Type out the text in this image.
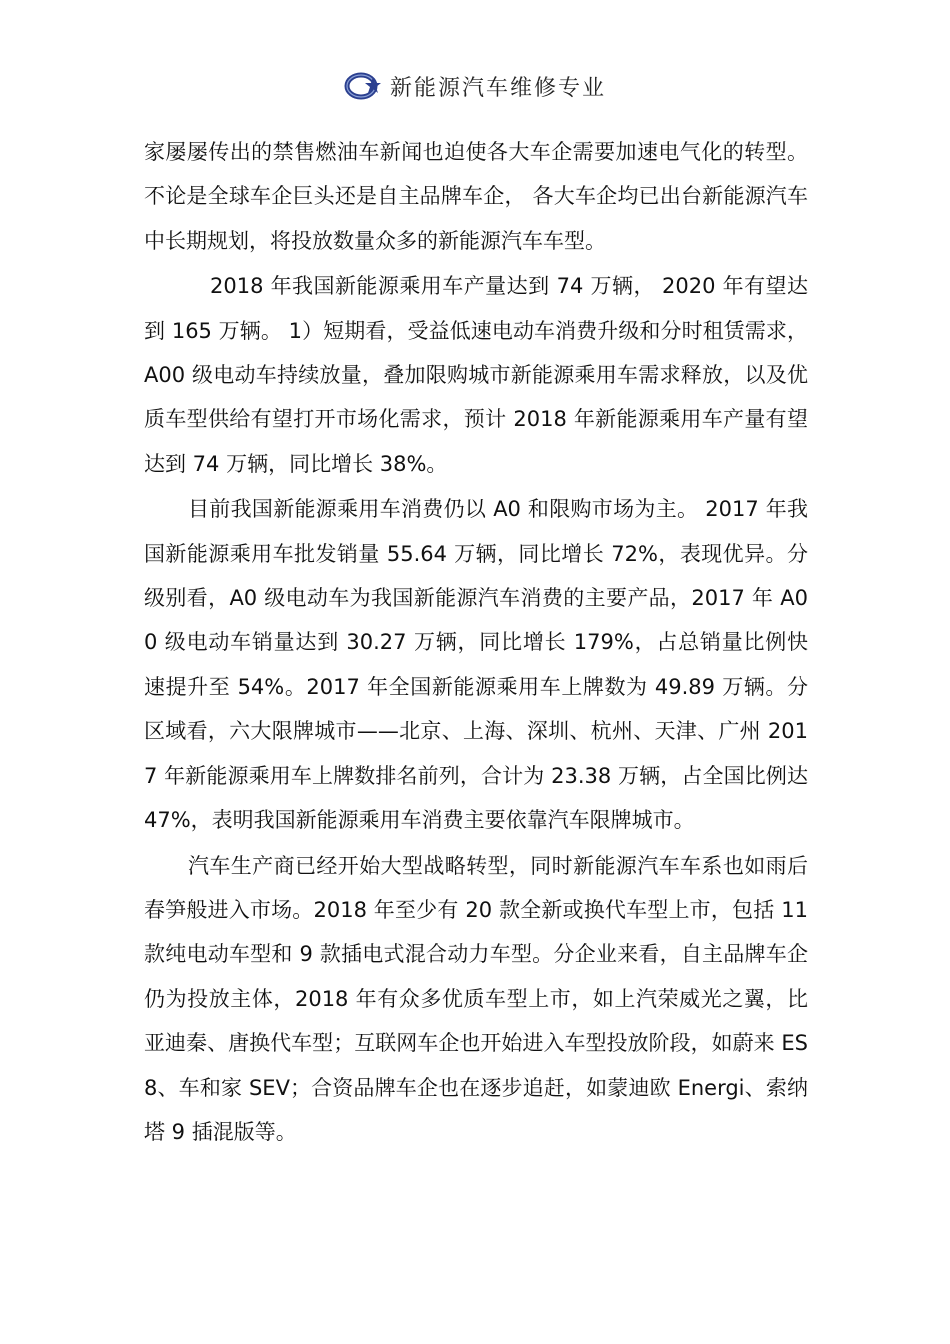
新能源汽车维修专业

家屡屡传出的禁售燃油车新闻也迫使各大车企需要加速电气化的转型。不论是全球车企巨头还是自主品牌车企， 各大车企均已出台新能源汽车中长期规划，将投放数量众多的新能源汽车车型。

2018 年我国新能源乘用车产量达到 74 万辆， 2020 年有望达到 165 万辆。 1）短期看，受益低速电动车消费升级和分时租赁需求， A00 级电动车持续放量，叠加限购城市新能源乘用车需求释放，以及优质车型供给有望打开市场化需求，预计 2018 年新能源乘用车产量有望达到 74 万辆，同比增长 38%。

目前我国新能源乘用车消费仍以 A0 和限购市场为主。 2017 年我国新能源乘用车批发销量 55.64 万辆，同比增长 72%，表现优异。分级别看，A0 级电动车为我国新能源汽车消费的主要产品，2017 年 A00 级电动车销量达到 30.27 万辆，同比增长 179%，占总销量比例快速提升至 54%。2017 年全国新能源乘用车上牌数为 49.89 万辆。分区域看，六大限牌城市——北京、上海、深圳、杭州、天津、广州 2017 年新能源乘用车上牌数排名前列，合计为 23.38 万辆，占全国比例达 47%，表明我国新能源乘用车消费主要依靠汽车限牌城市。

汽车生产商已经开始大型战略转型，同时新能源汽车车系也如雨后春笋般进入市场。2018 年至少有 20 款全新或换代车型上市，包括 11 款纯电动车型和 9 款插电式混合动力车型。分企业来看，自主品牌车企仍为投放主体，2018 年有众多优质车型上市，如上汽荣威光之翼，比亚迪秦、唐换代车型；互联网车企也开始进入车型投放阶段，如蔚来 ES8、车和家 SEV；合资品牌车企也在逐步追赶，如蒙迪欧 Energi、索纳塔 9 插混版等。
